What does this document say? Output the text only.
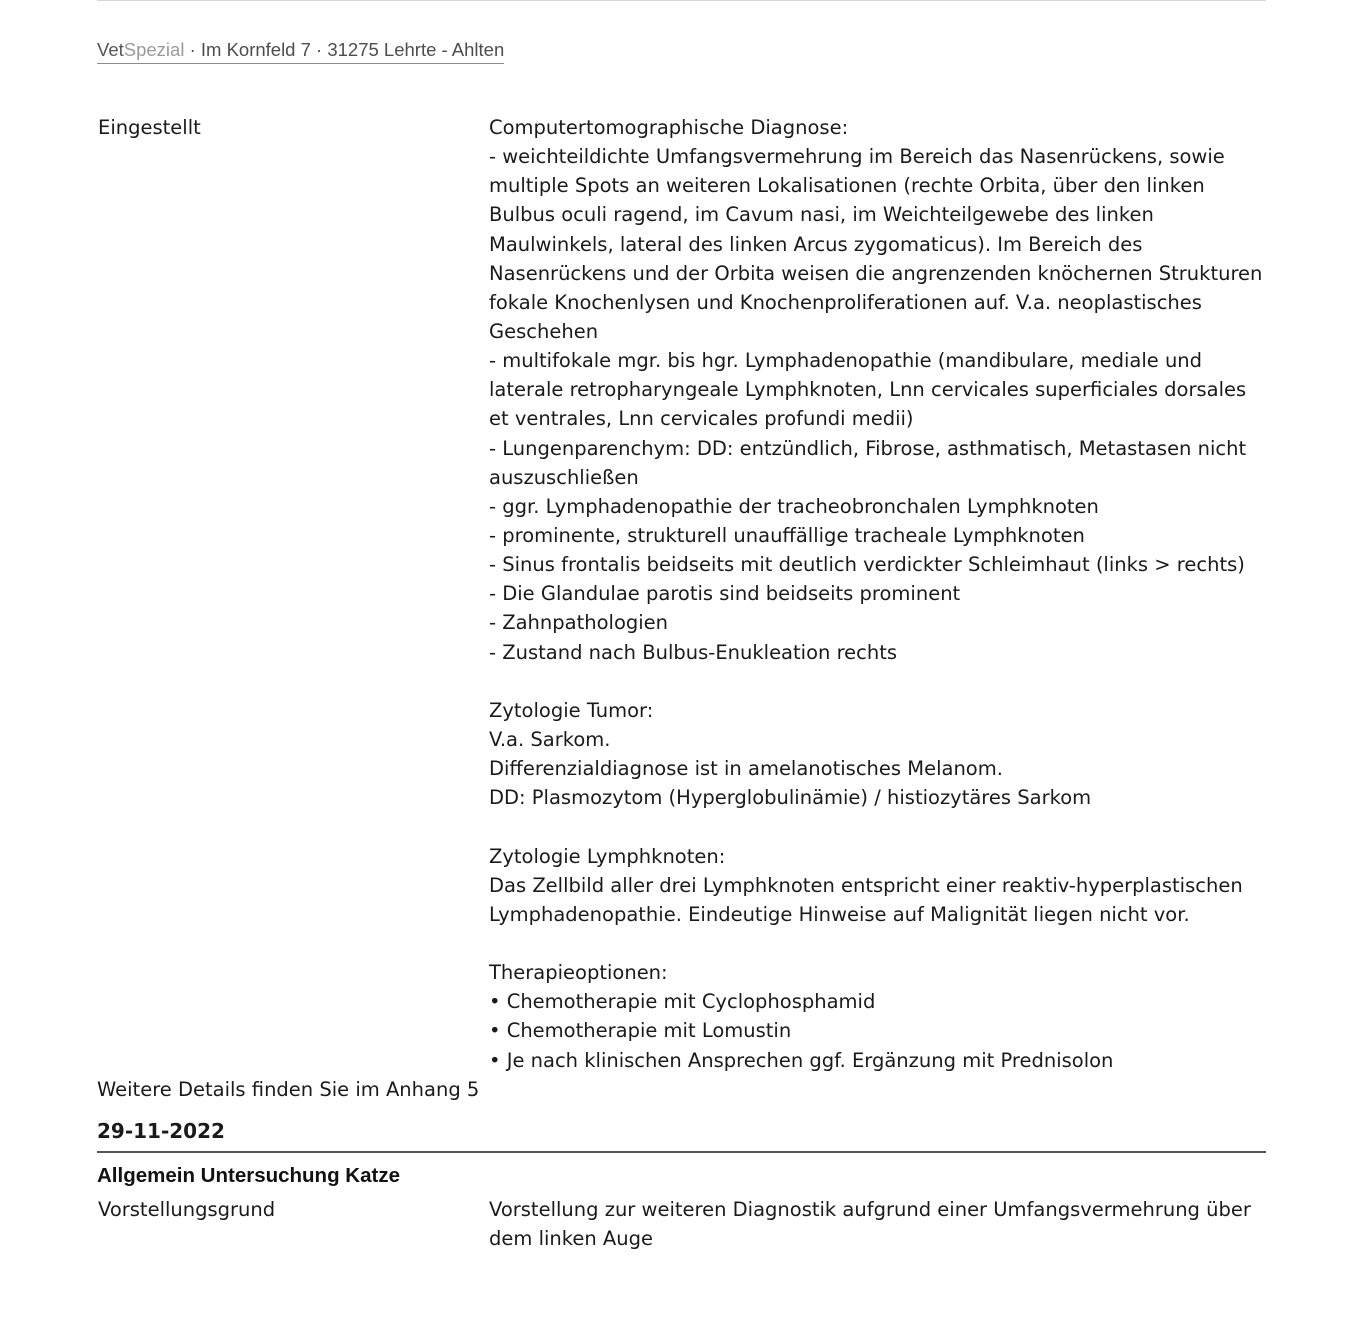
VetSpezial · Im Kornfeld 7 · 31275 Lehrte - Ahlten
Eingestellt	Computertomographische Diagnose:
- weichteildichte Umfangsvermehrung im Bereich das Nasenrückens, sowie
multiple Spots an weiteren Lokalisationen (rechte Orbita, über den linken
Bulbus oculi ragend, im Cavum nasi, im Weichteilgewebe des linken
Maulwinkels, lateral des linken Arcus zygomaticus). Im Bereich des
Nasenrückens und der Orbita weisen die angrenzenden knöchernen Strukturen
fokale Knochenlysen und Knochenproliferationen auf. V.a. neoplastisches
Geschehen
- multifokale mgr. bis hgr. Lymphadenopathie (mandibulare, mediale und
laterale retropharyngeale Lymphknoten, Lnn cervicales superficiales dorsales
et ventrales, Lnn cervicales profundi medii)
- Lungenparenchym: DD: entzündlich, Fibrose, asthmatisch, Metastasen nicht
auszuschließen
- ggr. Lymphadenopathie der tracheobronchalen Lymphknoten
- prominente, strukturell unauffällige tracheale Lymphknoten
- Sinus frontalis beidseits mit deutlich verdickter Schleimhaut (links > rechts)
- Die Glandulae parotis sind beidseits prominent
- Zahnpathologien
- Zustand nach Bulbus-Enukleation rechts
Zytologie Tumor:
V.a. Sarkom.
Differenzialdiagnose ist in amelanotisches Melanom.
DD: Plasmozytom (Hyperglobulinämie) / histiozytäres Sarkom
Zytologie Lymphknoten:
Das Zellbild aller drei Lymphknoten entspricht einer reaktiv-hyperplastischen
Lymphadenopathie. Eindeutige Hinweise auf Malignität liegen nicht vor.
Therapieoptionen:
• Chemotherapie mit Cyclophosphamid
• Chemotherapie mit Lomustin
• Je nach klinischen Ansprechen ggf. Ergänzung mit Prednisolon
Weitere Details finden Sie im Anhang 5
29-11-2022
Allgemein Untersuchung Katze
Vorstellungsgrund	Vorstellung zur weiteren Diagnostik aufgrund einer Umfangsvermehrung über
dem linken Auge
